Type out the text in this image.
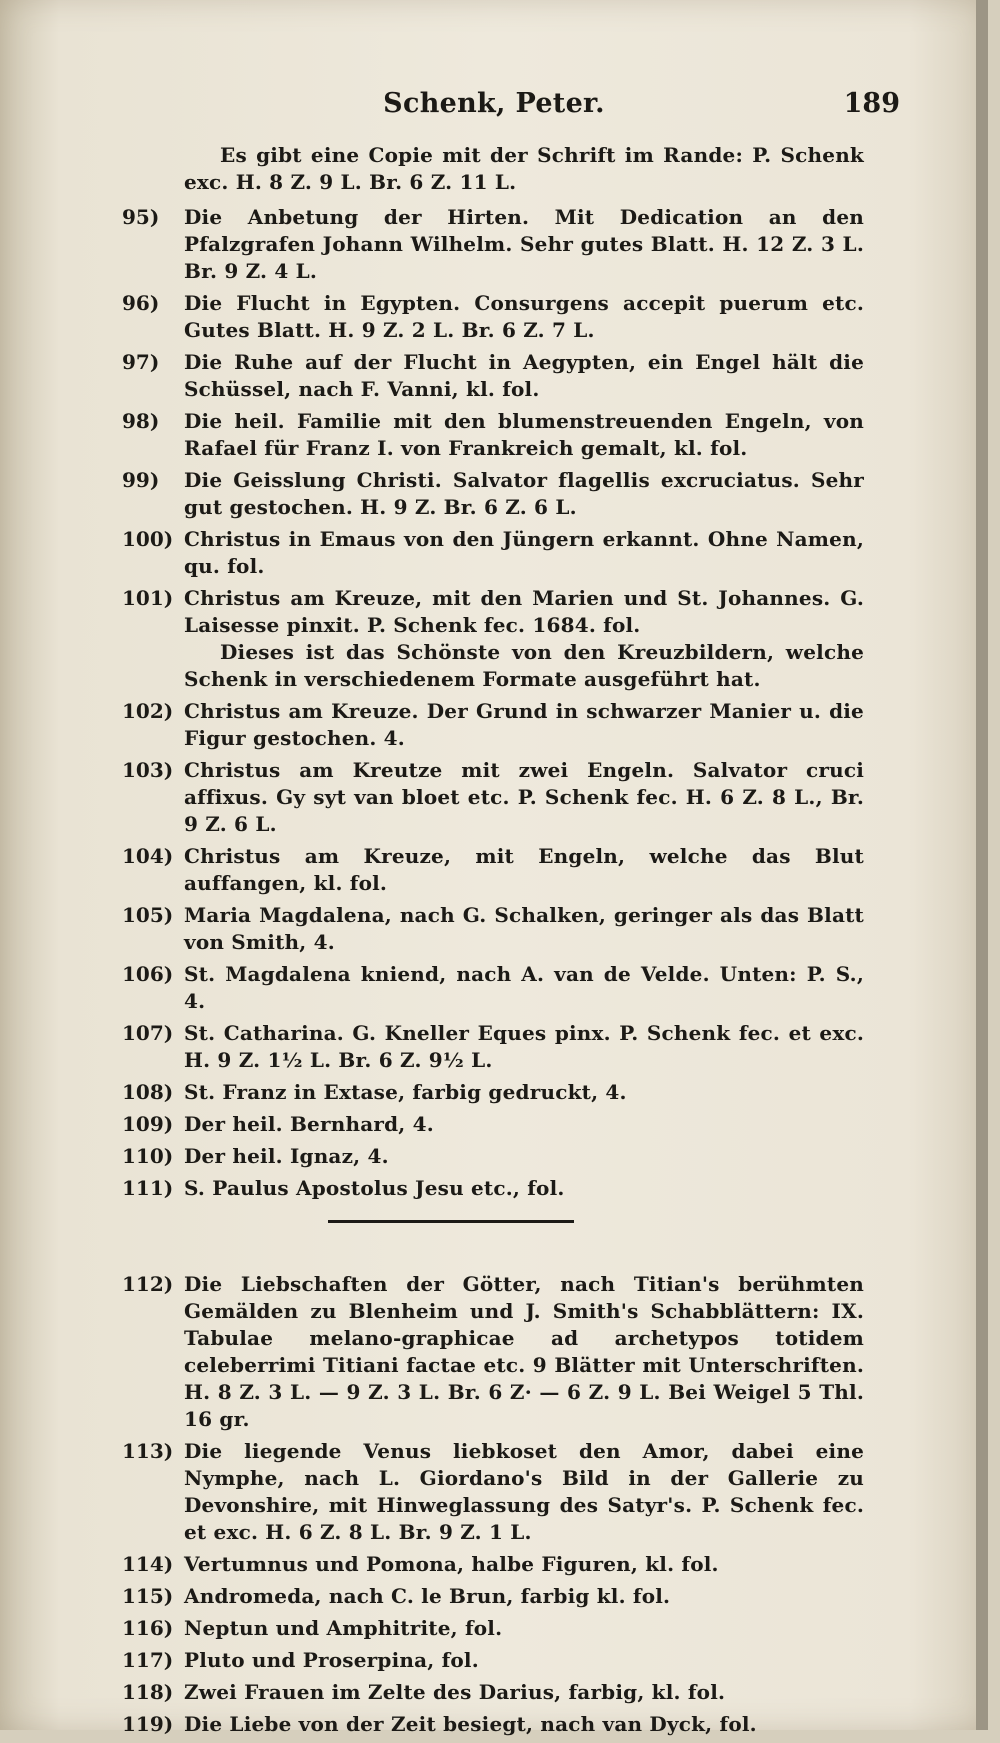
Schenk, Peter.	189
Es gibt eine Copie mit der Schrift im Rande: P. Schenk exc. H. 8 Z. 9 L. Br. 6 Z. 11 L.
95)	Die Anbetung der Hirten. Mit Dedication an den Pfalzgrafen Johann Wilhelm. Sehr gutes Blatt. H. 12 Z. 3 L. Br. 9 Z. 4 L.
96)	Die Flucht in Egypten. Consurgens accepit puerum etc. Gutes Blatt. H. 9 Z. 2 L. Br. 6 Z. 7 L.
97)	Die Ruhe auf der Flucht in Aegypten, ein Engel hält die Schüssel, nach F. Vanni, kl. fol.
98)	Die heil. Familie mit den blumenstreuenden Engeln, von Rafael für Franz I. von Frankreich gemalt, kl. fol.
99)	Die Geisslung Christi. Salvator flagellis excruciatus. Sehr gut gestochen. H. 9 Z. Br. 6 Z. 6 L.
100) Christus in Emaus von den Jüngern erkannt. Ohne Namen, qu. fol.
101) Christus am Kreuze, mit den Marien und St. Johannes. G. Laisesse pinxit. P. Schenk fec. 1684. fol.
Dieses ist das Schönste von den Kreuzbildern, welche Schenk in verschiedenem Formate ausgeführt hat.
102) Christus am Kreuze. Der Grund in schwarzer Manier u. die Figur gestochen. 4.
103) Christus am Kreutze mit zwei Engeln. Salvator cruci affixus. Gy syt van bloet etc. P. Schenk fec. H. 6 Z. 8 L., Br. 9 Z. 6 L.
104) Christus am Kreuze, mit Engeln, welche das Blut auffangen, kl. fol.
105) Maria Magdalena, nach G. Schalken, geringer als das Blatt von Smith, 4.
106) St. Magdalena kniend, nach A. van de Velde. Unten: P. S., 4.
107) St. Catharina. G. Kneller Eques pinx. P. Schenk fec. et exc. H. 9 Z. 1½ L. Br. 6 Z. 9½ L.
108) St. Franz in Extase, farbig gedruckt, 4.
109) Der heil. Bernhard, 4.
110) Der heil. Ignaz, 4.
111) S. Paulus Apostolus Jesu etc., fol.
112) Die Liebschaften der Götter, nach Titian's berühmten Gemälden zu Blenheim und J. Smith's Schabblättern: IX. Tabulae melano-graphicae ad archetypos totidem celeberrimi Titiani factae etc. 9 Blätter mit Unterschriften. H. 8 Z. 3 L. — 9 Z. 3 L. Br. 6 Z· — 6 Z. 9 L. Bei Weigel 5 Thl. 16 gr.
113) Die liegende Venus liebkoset den Amor, dabei eine Nymphe, nach L. Giordano's Bild in der Gallerie zu Devonshire, mit Hinweglassung des Satyr's. P. Schenk fec. et exc. H. 6 Z. 8 L. Br. 9 Z. 1 L.
114) Vertumnus und Pomona, halbe Figuren, kl. fol.
115) Andromeda, nach C. le Brun, farbig kl. fol.
116) Neptun und Amphitrite, fol.
117) Pluto und Proserpina, fol.
118) Zwei Frauen im Zelte des Darius, farbig, kl. fol.
119) Die Liebe von der Zeit besiegt, nach van Dyck, fol.
